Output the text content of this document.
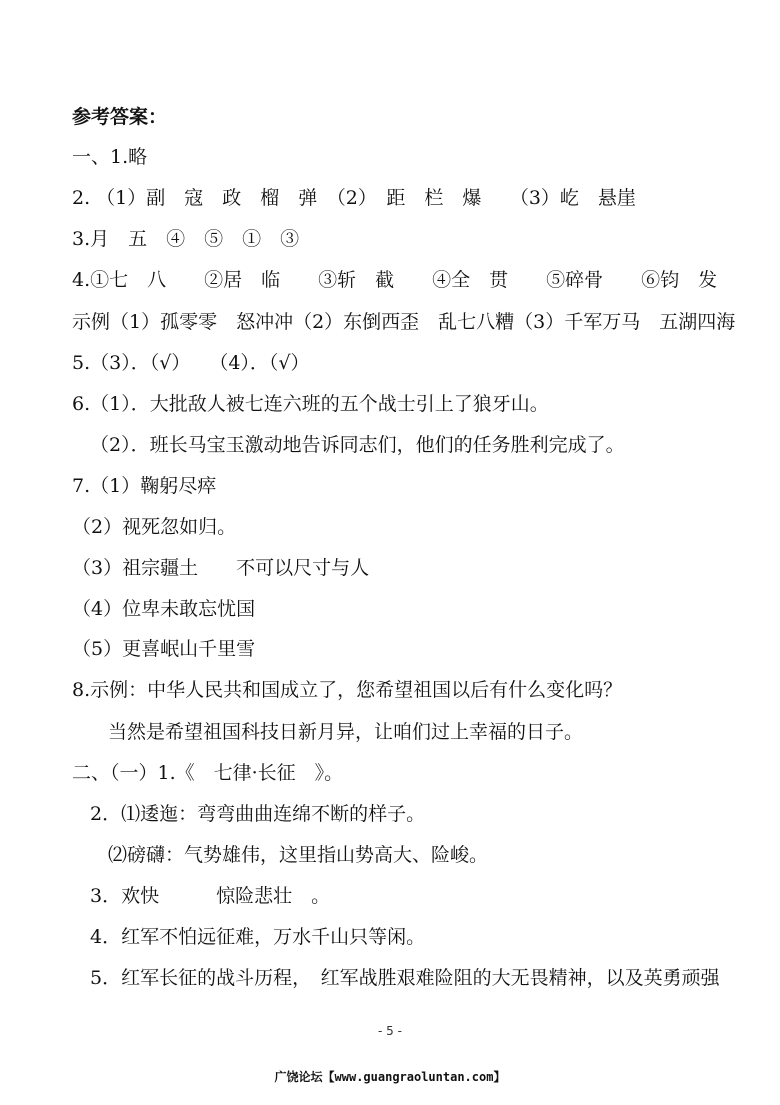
参考答案：
一、1.略
2. （1）副　寇　政　榴　弹　（2）　距　栏　爆　　（3）屹　悬崖
3.月　五　④　⑤　①　③
4.①七　八　　②居　临　　③斩　截　　④全　贯　　⑤碎骨　　⑥钧　发
示例（1）孤零零　怒冲冲（2）东倒西歪　乱七八糟（3）千军万马　五湖四海
5.（3）．（√）　　（4）．（√）
6.（1）．大批敌人被七连六班的五个战士引上了狼牙山。
（2）．班长马宝玉激动地告诉同志们，他们的任务胜利完成了。
7.（1）鞠躬尽瘁
（2）视死忽如归。
（3）祖宗疆土　　不可以尺寸与人
（4）位卑未敢忘忧国
（5）更喜岷山千里雪
8.示例：中华人民共和国成立了，您希望祖国以后有什么变化吗？
当然是希望祖国科技日新月异，让咱们过上幸福的日子。
二、（一）1.《　七律·长征　》。
2．⑴逶迤：弯弯曲曲连绵不断的样子。
⑵磅礴：气势雄伟，这里指山势高大、险峻。
3．欢快　　　惊险悲壮　。
4．红军不怕远征难，万水千山只等闲。
5．红军长征的战斗历程，　红军战胜艰难险阻的大无畏精神，以及英勇顽强
- 5 -
广饶论坛【www.guangraoluntan.com】
